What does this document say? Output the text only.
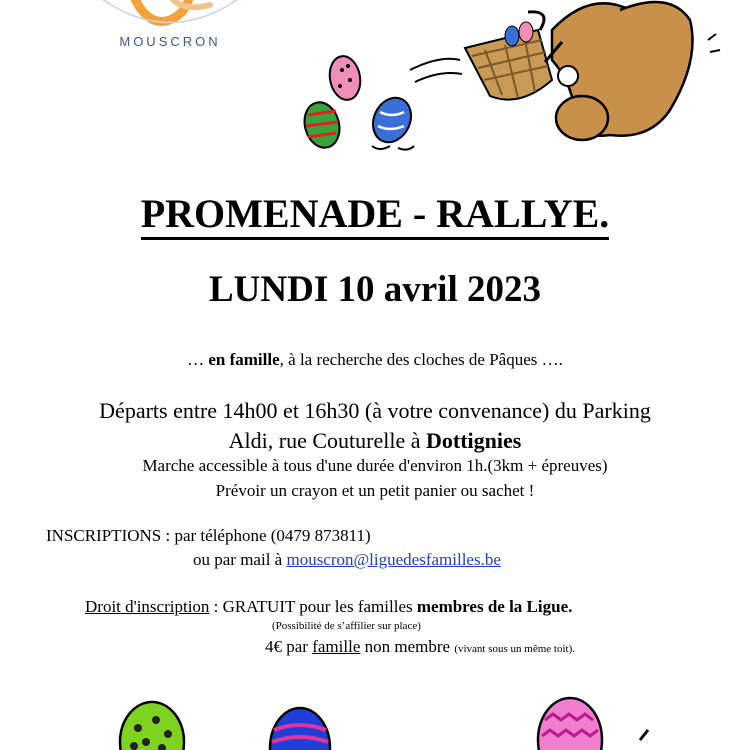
MOUSCRON
PROMENADE - RALLYE.
LUNDI 10 avril 2023
… en famille, à la recherche des cloches de Pâques ….
Départs entre 14h00 et 16h30 (à votre convenance) du Parking
Aldi, rue Couturelle à Dottignies
Marche accessible à tous d'une durée d'environ 1h.(3km + épreuves)
Prévoir un crayon et un petit panier ou sachet !
INSCRIPTIONS : par téléphone (0479 873811)
ou par mail à mouscron@liguedesfamilles.be
Droit d'inscription : GRATUIT pour les familles membres de la Ligue.
(Possibilité de s’affilier sur place)
4€ par famille non membre (vivant sous un même toit).
